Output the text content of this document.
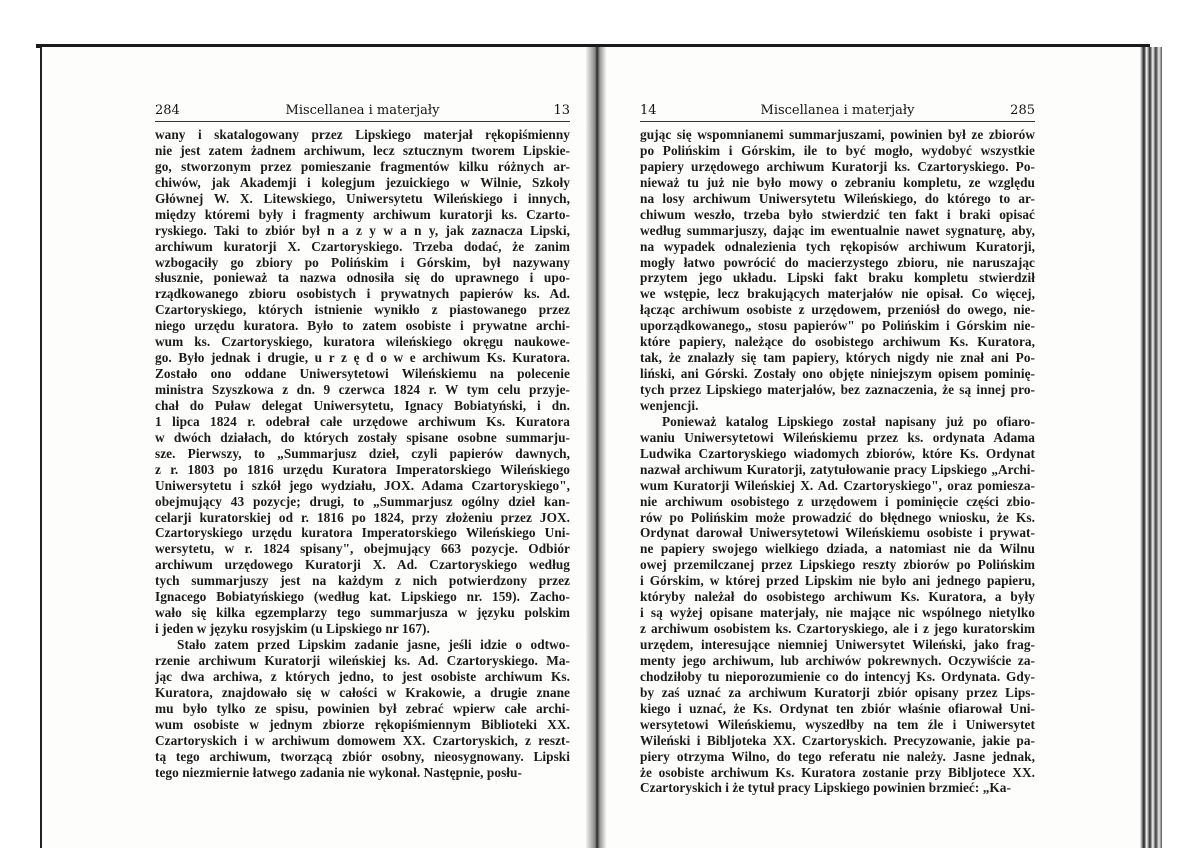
284	Miscellanea i materjały	13
wany i skatalogowany przez Lipskiego materjał rękopiśmienny
nie jest zatem żadnem archiwum, lecz sztucznym tworem Lipskie-
go, stworzonym przez pomieszanie fragmentów kilku różnych ar-
chiwów, jak Akademji i kolegjum jezuickiego w Wilnie, Szkoły
Głównej W. X. Litewskiego, Uniwersytetu Wileńskiego i innych,
między któremi były i fragmenty archiwum kuratorji ks. Czarto-
ryskiego. Taki to zbiór był n a z y w a n y, jak zaznacza Lipski,
archiwum kuratorji X. Czartoryskiego. Trzeba dodać, że zanim
wzbogaciły go zbiory po Polińskim i Górskim, był nazywany
słusznie, ponieważ ta nazwa odnosiła się do uprawnego i upo-
rządkowanego zbioru osobistych i prywatnych papierów ks. Ad.
Czartoryskiego, których istnienie wynikło z piastowanego przez
niego urzędu kuratora. Było to zatem osobiste i prywatne archi-
wum ks. Czartoryskiego, kuratora wileńskiego okręgu naukowe-
go. Było jednak i drugie, u r z ę d o w e archiwum Ks. Kuratora.
Zostało ono oddane Uniwersytetowi Wileńskiemu na polecenie
ministra Szyszkowa z dn. 9 czerwca 1824 r. W tym celu przyje-
chał do Puław delegat Uniwersytetu, Ignacy Bobiatyński, i dn.
1 lipca 1824 r. odebrał całe urzędowe archiwum Ks. Kuratora
w dwóch działach, do których zostały spisane osobne summarju-
sze. Pierwszy, to „Summarjusz dzieł, czyli papierów dawnych,
z r. 1803 po 1816 urzędu Kuratora Imperatorskiego Wileńskiego
Uniwersytetu i szkół jego wydziału, JOX. Adama Czartoryskiego",
obejmujący 43 pozycje; drugi, to „Summarjusz ogólny dzieł kan-
celarji kuratorskiej od r. 1816 po 1824, przy złożeniu przez JOX.
Czartoryskiego urzędu kuratora Imperatorskiego Wileńskiego Uni-
wersytetu, w r. 1824 spisany", obejmujący 663 pozycje. Odbiór
archiwum urzędowego Kuratorji X. Ad. Czartoryskiego według
tych summarjuszy jest na każdym z nich potwierdzony przez
Ignacego Bobiatyńskiego (według kat. Lipskiego nr. 159). Zacho-
wało się kilka egzemplarzy tego summarjusza w języku polskim
i jeden w języku rosyjskim (u Lipskiego nr 167).
Stało zatem przed Lipskim zadanie jasne, jeśli idzie o odtwo-
rzenie archiwum Kuratorji wileńskiej ks. Ad. Czartoryskiego. Ma-
jąc dwa archiwa, z których jedno, to jest osobiste archiwum Ks.
Kuratora, znajdowało się w całości w Krakowie, a drugie znane
mu było tylko ze spisu, powinien był zebrać wpierw całe archi-
wum osobiste w jednym zbiorze rękopiśmiennym Biblioteki XX.
Czartoryskich i w archiwum domowem XX. Czartoryskich, z reszt-
tą tego archiwum, tworzącą zbiór osobny, nieosygnowany. Lipski
tego niezmiernie łatwego zadania nie wykonał. Następnie, posłu-
14	Miscellanea i materjały	285
gując się wspomnianemi summarjuszami, powinien był ze zbiorów
po Polińskim i Górskim, ile to być mogło, wydobyć wszystkie
papiery urzędowego archiwum Kuratorji ks. Czartoryskiego. Po-
nieważ tu już nie było mowy o zebraniu kompletu, ze względu
na losy archiwum Uniwersytetu Wileńskiego, do którego to ar-
chiwum weszło, trzeba było stwierdzić ten fakt i braki opisać
według summarjuszy, dając im ewentualnie nawet sygnaturę, aby,
na wypadek odnalezienia tych rękopisów archiwum Kuratorji,
mogły łatwo powrócić do macierzystego zbioru, nie naruszając
przytem jego układu. Lipski fakt braku kompletu stwierdził
we wstępie, lecz brakujących materjałów nie opisał. Co więcej,
łącząc archiwum osobiste z urzędowem, przeniósł do owego, nie-
uporządkowanego„ stosu papierów" po Polińskim i Górskim nie-
które papiery, należące do osobistego archiwum Ks. Kuratora,
tak, że znalazły się tam papiery, których nigdy nie znał ani Po-
liński, ani Górski. Zostały ono objęte niniejszym opisem pominię-
tych przez Lipskiego materjałów, bez zaznaczenia, że są innej pro-
wenjencji.
Ponieważ katalog Lipskiego został napisany już po ofiaro-
waniu Uniwersytetowi Wileńskiemu przez ks. ordynata Adama
Ludwika Czartoryskiego wiadomych zbiorów, które Ks. Ordynat
nazwał archiwum Kuratorji, zatytułowanie pracy Lipskiego „Archi-
wum Kuratorji Wileńskiej X. Ad. Czartoryskiego", oraz pomiesza-
nie archiwum osobistego z urzędowem i pominięcie części zbio-
rów po Polińskim może prowadzić do błędnego wniosku, że Ks.
Ordynat darował Uniwersytetowi Wileńskiemu osobiste i prywat-
ne papiery swojego wielkiego dziada, a natomiast nie da Wilnu
owej przemilczanej przez Lipskiego reszty zbiorów po Polińskim
i Górskim, w której przed Lipskim nie było ani jednego papieru,
któryby należał do osobistego archiwum Ks. Kuratora, a były
i są wyżej opisane materjały, nie mające nic wspólnego nietylko
z archiwum osobistem ks. Czartoryskiego, ale i z jego kuratorskim
urzędem, interesujące niemniej Uniwersytet Wileński, jako frag-
menty jego archiwum, lub archiwów pokrewnych. Oczywiście za-
chodziłoby tu nieporozumienie co do intencyj Ks. Ordynata. Gdy-
by zaś uznać za archiwum Kuratorji zbiór opisany przez Lips-
kiego i uznać, że Ks. Ordynat ten zbiór właśnie ofiarował Uni-
wersytetowi Wileńskiemu, wyszedłby na tem źle i Uniwersytet
Wileński i Bibljoteka XX. Czartoryskich. Precyzowanie, jakie pa-
piery otrzyma Wilno, do tego referatu nie należy. Jasne jednak,
że osobiste archiwum Ks. Kuratora zostanie przy Bibljotece XX.
Czartoryskich i że tytuł pracy Lipskiego powinien brzmieć: „Ka-
